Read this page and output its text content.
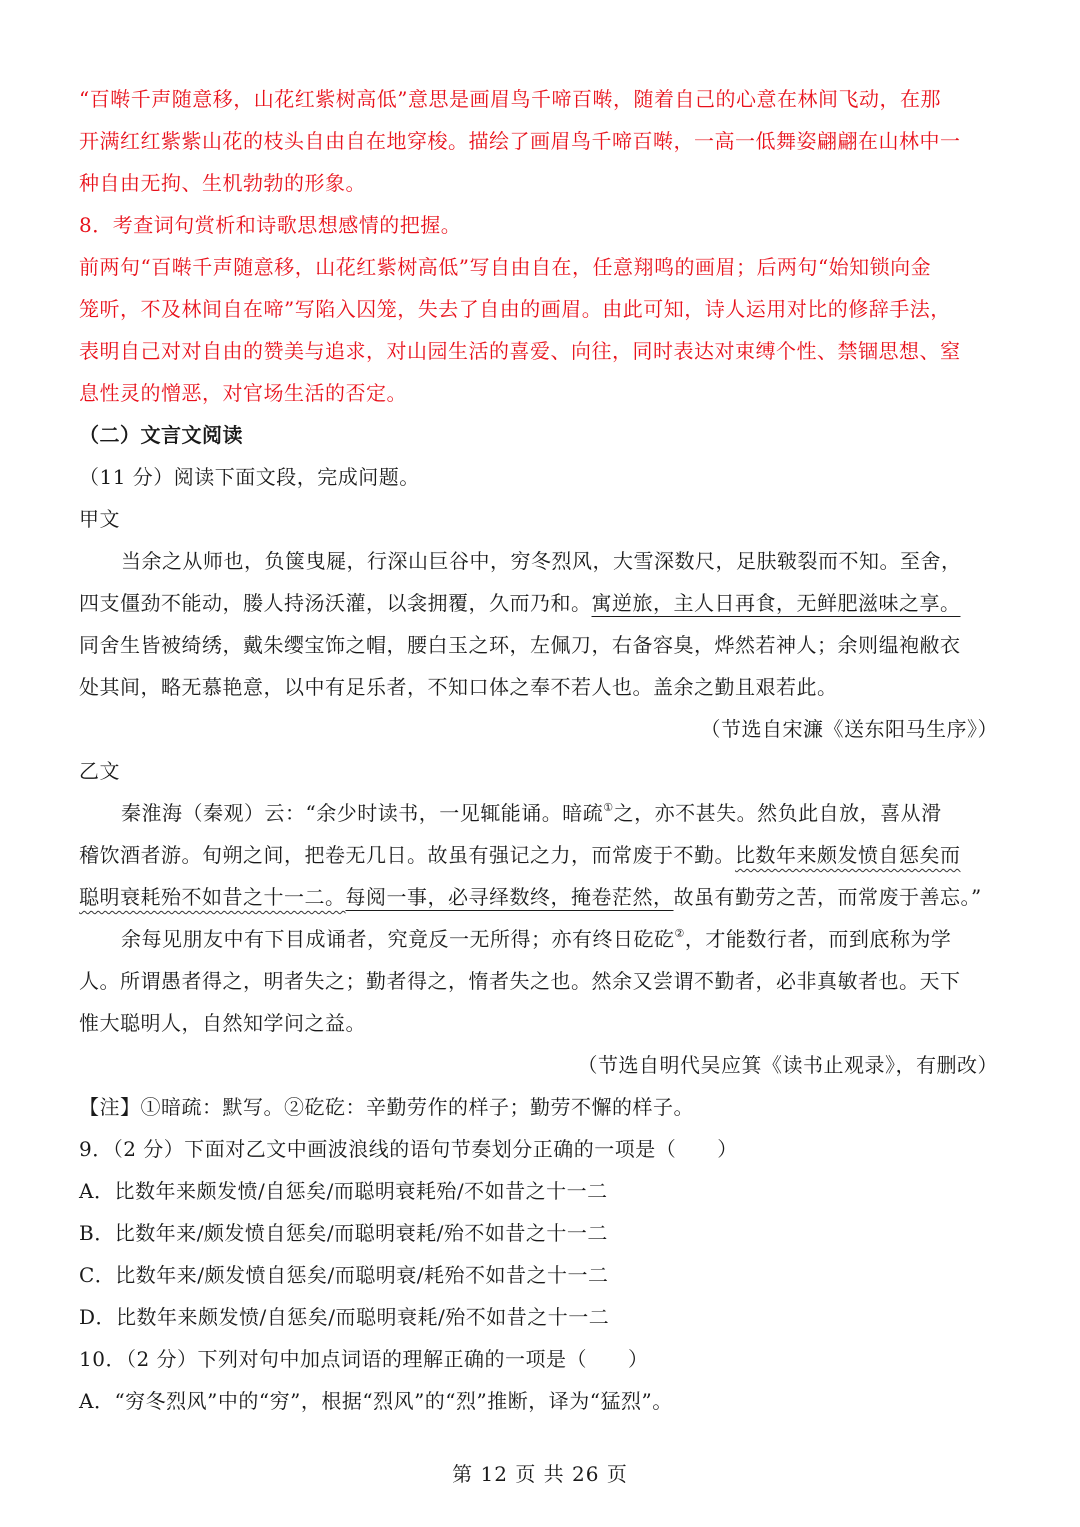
“百啭千声随意移，山花红紫树高低”意思是画眉鸟千啼百啭，随着自己的心意在林间飞动，在那
开满红红紫紫山花的枝头自由自在地穿梭。描绘了画眉鸟千啼百啭，一高一低舞姿翩翩在山林中一
种自由无拘、生机勃勃的形象。
8．考查词句赏析和诗歌思想感情的把握。
前两句“百啭千声随意移，山花红紫树高低”写自由自在，任意翔鸣的画眉；后两句“始知锁向金
笼听，不及林间自在啼”写陷入囚笼，失去了自由的画眉。由此可知，诗人运用对比的修辞手法，
表明自己对对自由的赞美与追求，对山园生活的喜爱、向往，同时表达对束缚个性、禁锢思想、窒
息性灵的憎恶，对官场生活的否定。
（二）文言文阅读
（11 分）阅读下面文段，完成问题。
甲文
当余之从师也，负箧曳屣，行深山巨谷中，穷冬烈风，大雪深数尺，足肤皲裂而不知。至舍，
四支僵劲不能动，媵人持汤沃灌，以衾拥覆，久而乃和。寓逆旅，主人日再食，无鲜肥滋味之享。
同舍生皆被绮绣，戴朱缨宝饰之帽，腰白玉之环，左佩刀，右备容臭，烨然若神人；余则缊袍敝衣
处其间，略无慕艳意，以中有足乐者，不知口体之奉不若人也。盖余之勤且艰若此。
（节选自宋濂《送东阳马生序》）
乙文
秦淮海（秦观）云：“余少时读书，一见辄能诵。暗疏①之，亦不甚失。然负此自放，喜从滑
稽饮酒者游。旬朔之间，把卷无几日。故虽有强记之力，而常废于不勤。比数年来颇发愤自惩矣而
聪明衰耗殆不如昔之十一二。每阅一事，必寻绎数终，掩卷茫然，故虽有勤劳之苦，而常废于善忘。”
余每见朋友中有下目成诵者，究竟反一无所得；亦有终日矻矻②，才能数行者，而到底称为学
人。所谓愚者得之，明者失之；勤者得之，惰者失之也。然余又尝谓不勤者，必非真敏者也。天下
惟大聪明人，自然知学问之益。
（节选自明代吴应箕《读书止观录》，有删改）
【注】①暗疏：默写。②矻矻：辛勤劳作的样子；勤劳不懈的样子。
9．（2 分）下面对乙文中画波浪线的语句节奏划分正确的一项是（　　）
A．比数年来颇发愤/自惩矣/而聪明衰耗殆/不如昔之十一二
B．比数年来/颇发愤自惩矣/而聪明衰耗/殆不如昔之十一二
C．比数年来/颇发愤自惩矣/而聪明衰/耗殆不如昔之十一二
D．比数年来颇发愤/自惩矣/而聪明衰耗/殆不如昔之十一二
10．（2 分）下列对句中加点词语的理解正确的一项是（　　）
A．“穷冬烈风”中的“穷”，根据“烈风”的“烈”推断，译为“猛烈”。
第 12 页 共 26 页
